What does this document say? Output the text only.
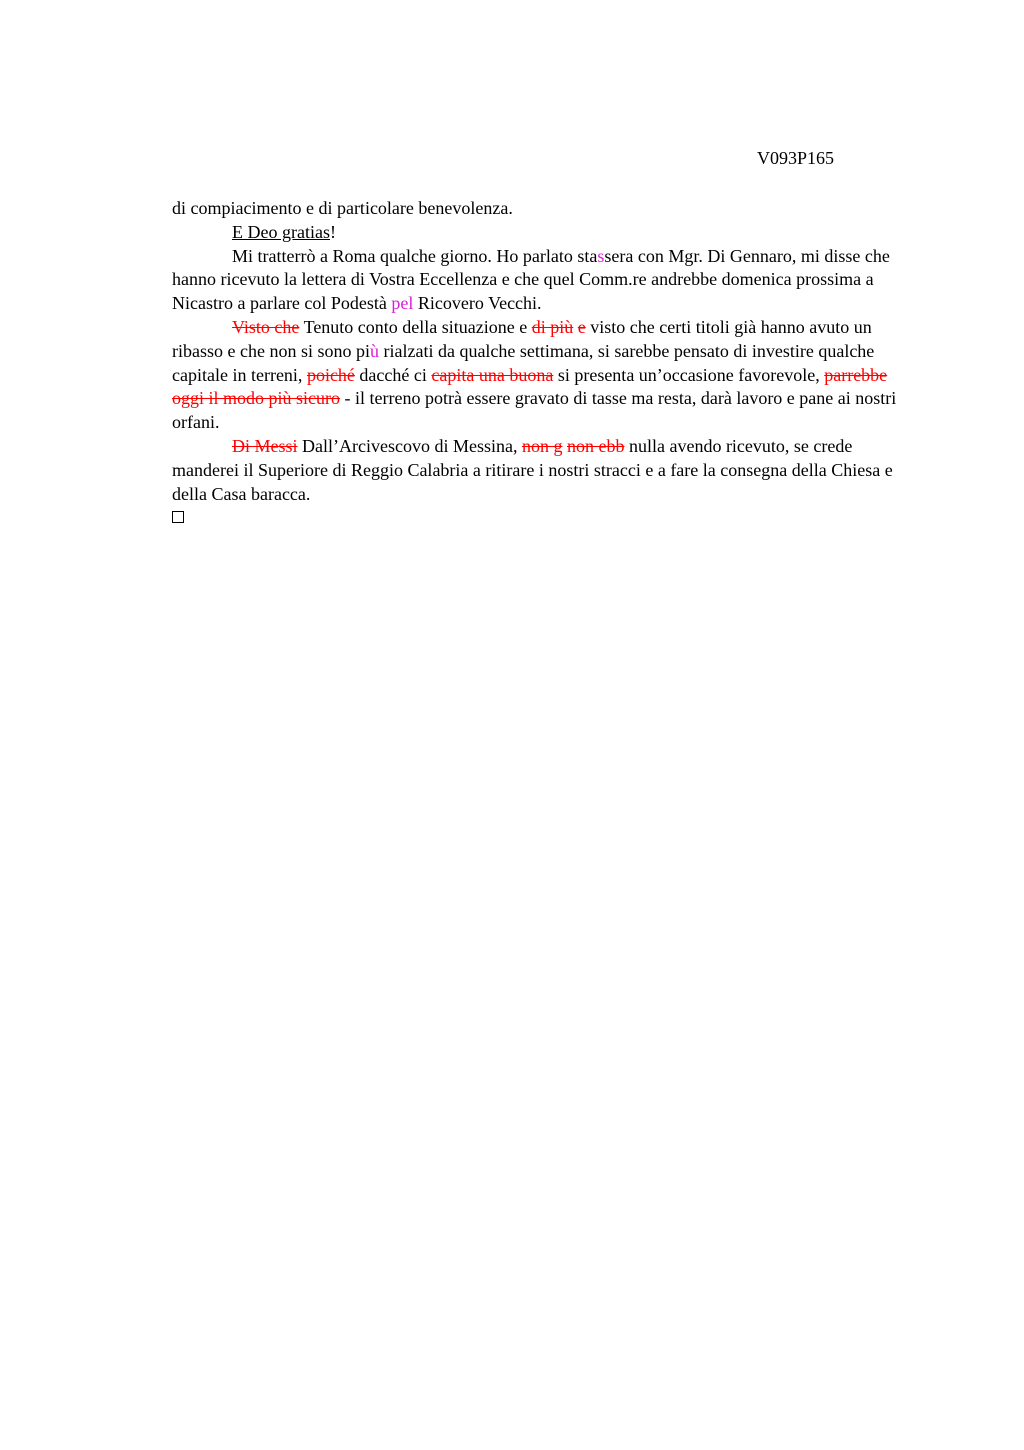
V093P165

di compiacimento e di particolare benevolenza.

E Deo gratias!

Mi tratterrò a Roma qualche giorno. Ho parlato stassera con Mgr. Di Gennaro, mi disse che hanno ricevuto la lettera di Vostra Eccellenza e che quel Comm.re andrebbe domenica prossima a Nicastro a parlare col Podestà pel Ricovero Vecchi.

Visto che Tenuto conto della situazione e di più e visto che certi titoli già hanno avuto un ribasso e che non si sono più rialzati da qualche settimana, si sarebbe pensato di investire qualche capitale in terreni, poiché dacché ci capita una buona si presenta un’occasione favorevole, parrebbe oggi il modo più sicuro - il terreno potrà essere gravato di tasse ma resta, darà lavoro e pane ai nostri orfani.

Di Messi Dall’Arcivescovo di Messina, non g non ebb nulla avendo ricevuto, se crede manderei il Superiore di Reggio Calabria a ritirare i nostri stracci e a fare la consegna della Chiesa e della Casa baracca.
